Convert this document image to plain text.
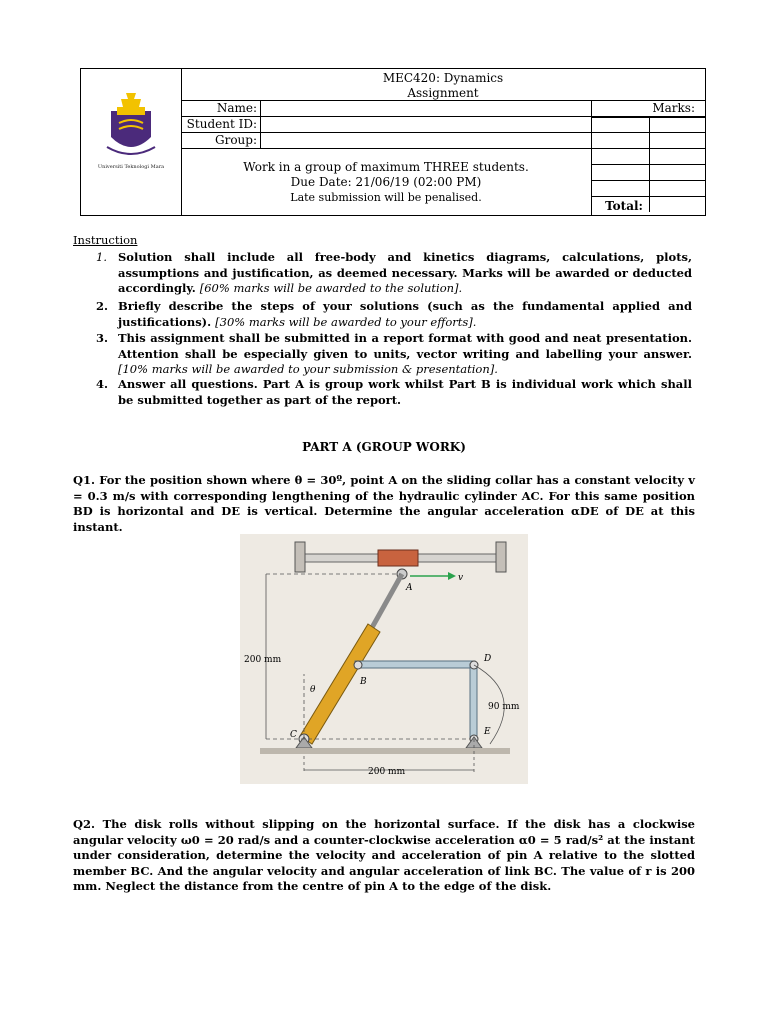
Universiti Teknologi Mara
MEC420: Dynamics
Assignment
Name:
Student ID:
Group:
Marks:
Work in a group of maximum THREE students.
Due Date: 21/06/19 (02:00 PM)
Late submission will be penalised.
Total:
Instruction
1. Solution shall include all free-body and kinetics diagrams, calculations, plots, assumptions and justification, as deemed necessary. Marks will be awarded or deducted accordingly. [60% marks will be awarded to the solution].
2. Briefly describe the steps of your solutions (such as the fundamental applied and justifications). [30% marks will be awarded to your efforts].
3. This assignment shall be submitted in a report format with good and neat presentation. Attention shall be especially given to units, vector writing and labelling your answer. [10% marks will be awarded to your submission & presentation].
4. Answer all questions. Part A is group work whilst Part B is individual work which shall be submitted together as part of the report.
PART A (GROUP WORK)
Q1. For the position shown where θ = 30º, point A on the sliding collar has a constant velocity v = 0.3 m/s with corresponding lengthening of the hydraulic cylinder AC. For this same position BD is horizontal and DE is vertical. Determine the angular acceleration αDE of DE at this instant.
v
A
B
D
E
C
θ
200 mm
200 mm
90 mm
Q2. The disk rolls without slipping on the horizontal surface. If the disk has a clockwise angular velocity ω0 = 20 rad/s and a counter-clockwise acceleration α0 = 5 rad/s² at the instant under consideration, determine the velocity and acceleration of pin A relative to the slotted member BC. And the angular velocity and angular acceleration of link BC. The value of r is 200 mm. Neglect the distance from the centre of pin A to the edge of the disk.
